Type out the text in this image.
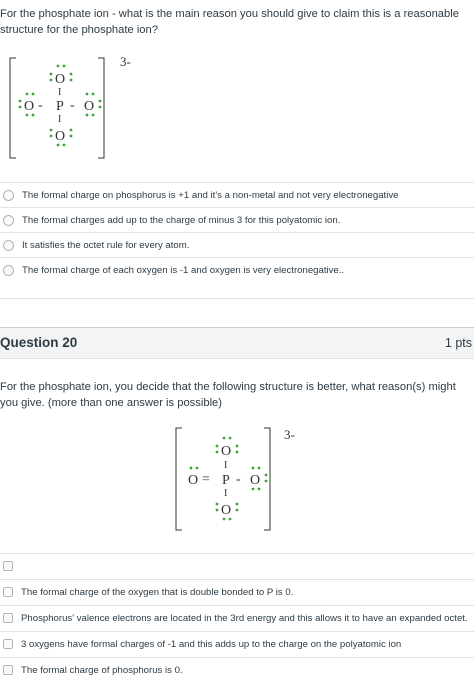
For the phosphate ion - what is the main reason you should give to claim this is a reasonable structure for the phosphate ion?
3-
O
I
O - P - O
I
O
The formal charge on phosphorus is +1 and it's a non-metal and not very electronegative
The formal charges add up to the charge of minus 3 for this polyatomic ion.
It satisfies the octet rule for every atom.
The formal charge of each oxygen is -1 and oxygen is very electronegative..
Question 20	1 pts
For the phosphate ion, you decide that the following structure is better, what reason(s) might you give. (more than one answer is possible)
3-
O
I
O = P - O
I
O
The formal charge of the oxygen that is double bonded to P is 0.
Phosphorus' valence electrons are located in the 3rd energy and this allows it to have an expanded octet.
3 oxygens have formal charges of -1 and this adds up to the charge on the polyatomic ion
The formal charge of phosphorus is 0.
